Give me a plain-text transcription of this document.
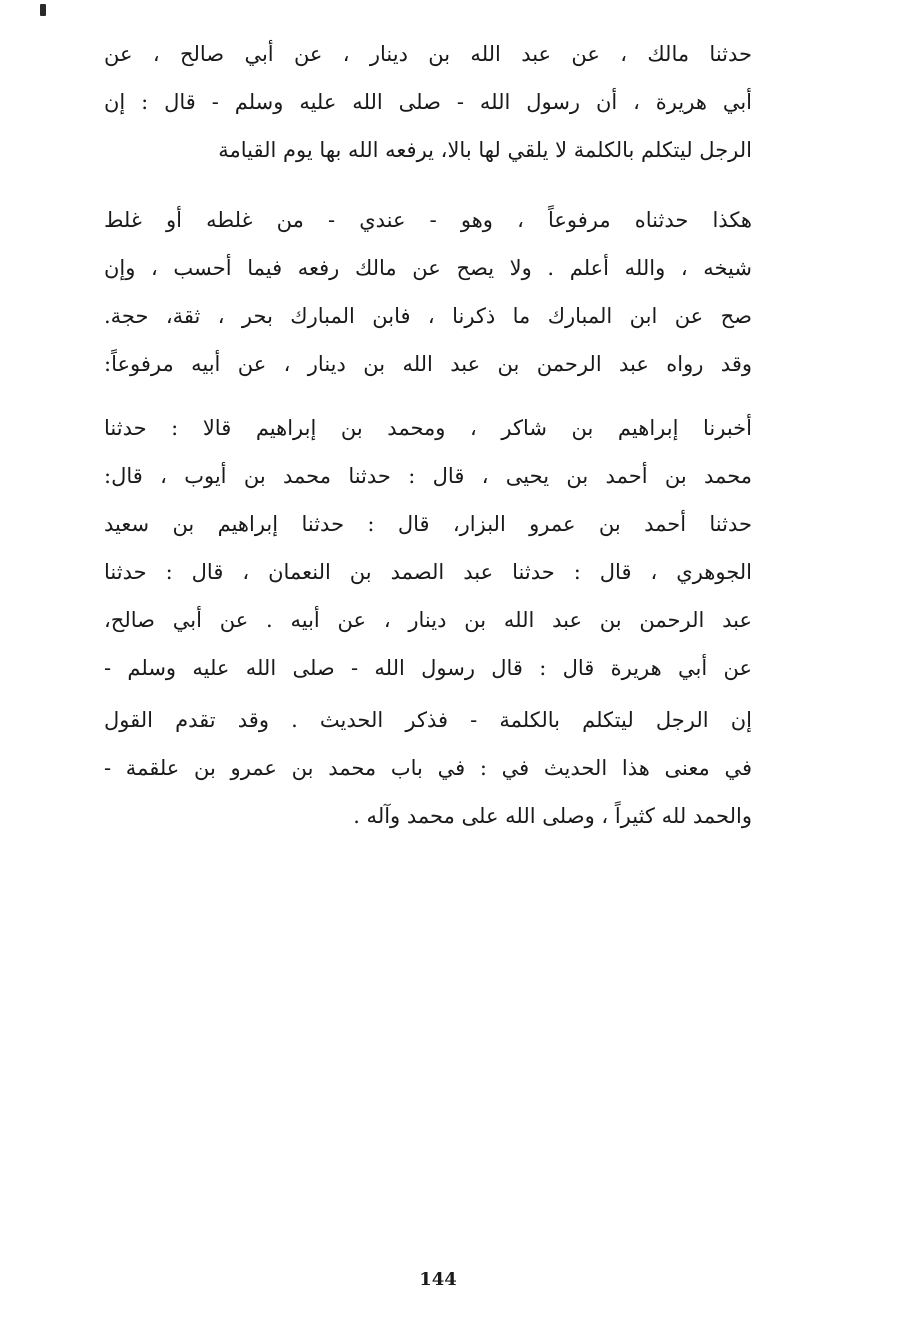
حدثنا مالك ، عن عبد الله بن دينار ، عن أبي صالح ، عن
أبي هريرة ، أن رسول الله - صلى الله عليه وسلم - قال : إن
الرجل ليتكلم بالكلمة لا يلقي لها بالا، يرفعه الله بها يوم القيامة
هكذا حدثناه مرفوعاً ، وهو - عندي - من غلطه أو غلط
شيخه ، والله أعلم . ولا يصح عن مالك رفعه فيما أحسب ، وإن
صح عن ابن المبارك ما ذكرنا ، فابن المبارك بحر ، ثقة، حجة.
وقد رواه عبد الرحمن بن عبد الله بن دينار ، عن أبيه مرفوعاً:
أخبرنا إبراهيم بن شاكر ، ومحمد بن إبراهيم قالا : حدثنا
محمد بن أحمد بن يحيى ، قال : حدثنا محمد بن أيوب ، قال:
حدثنا أحمد بن عمرو البزار، قال : حدثنا إبراهيم بن سعيد
الجوهري ، قال : حدثنا عبد الصمد بن النعمان ، قال : حدثنا
عبد الرحمن بن عبد الله بن دينار ، عن أبيه . عن أبي صالح،
عن أبي هريرة قال : قال رسول الله - صلى الله عليه وسلم -
إن الرجل ليتكلم بالكلمة - فذكر الحديث . وقد تقدم القول
في معنى هذا الحديث في : في باب محمد بن عمرو بن علقمة -
والحمد لله كثيراً ، وصلى الله على محمد وآله .
144
